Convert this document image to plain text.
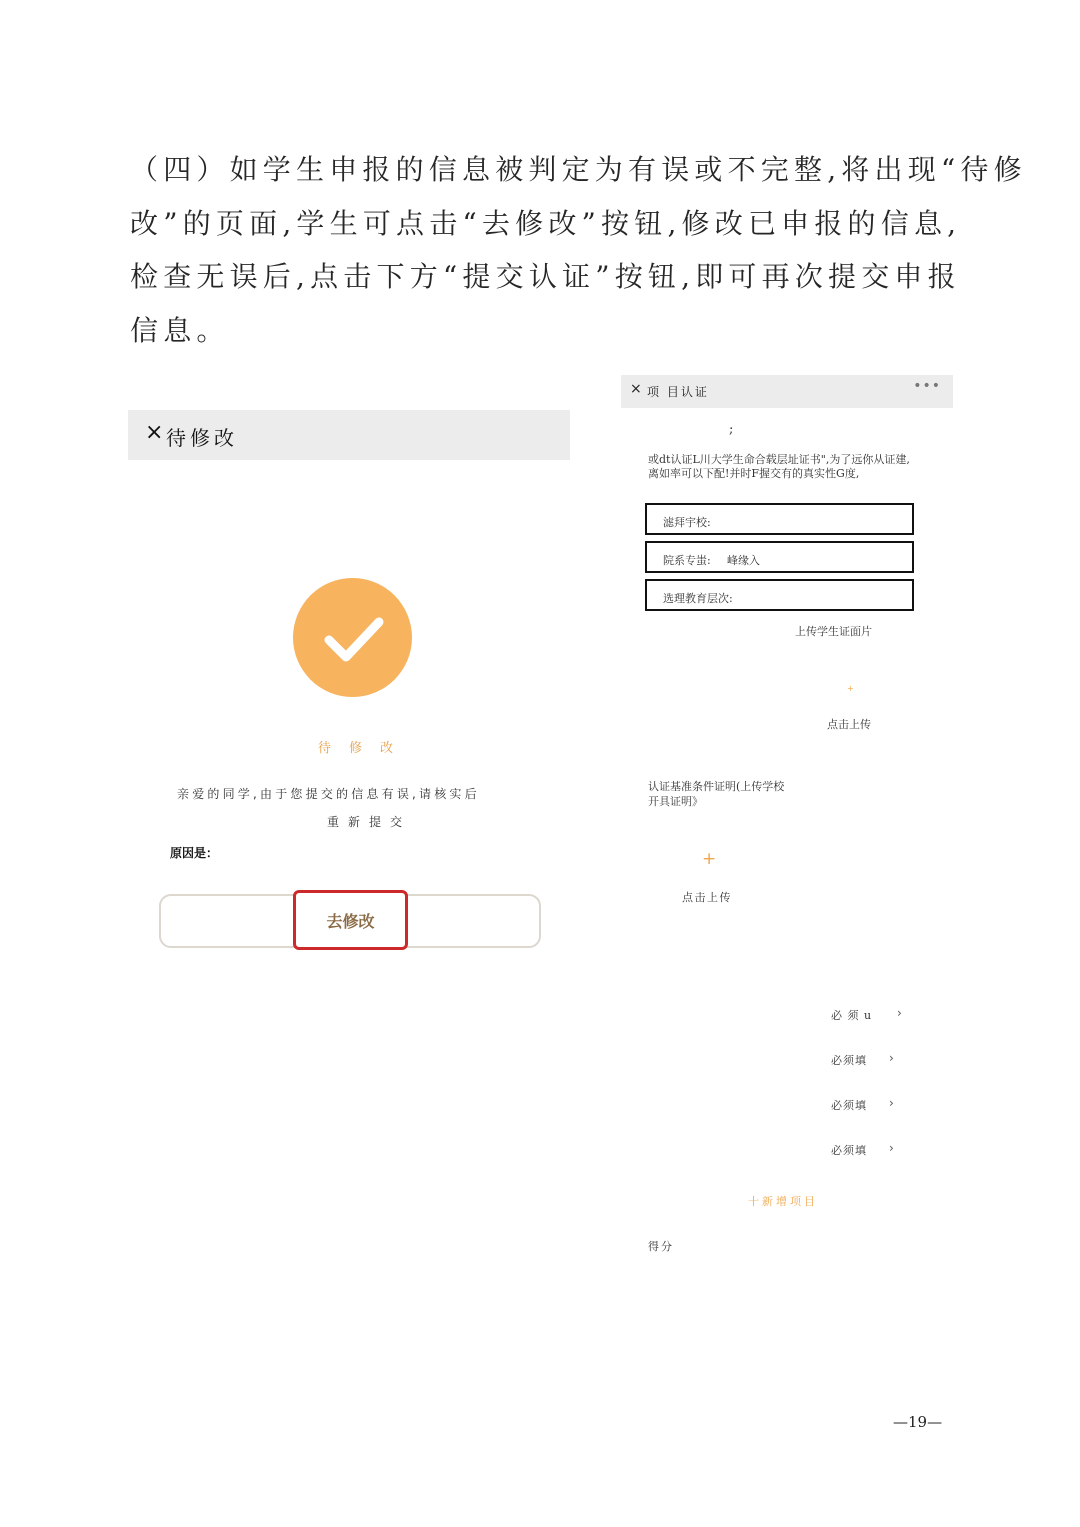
（四）如学生申报的信息被判定为有误或不完整,将出现“待修
改”的页面,学生可点击“去修改”按钮,修改已申报的信息,
检查无误后,点击下方“提交认证”按钮,即可再次提交申报
信息。
× 待修改
待修改
亲爱的同学,由于您提交的信息有误,请核实后
重新提交
原因是：
去修改
× 项 目认证	•••
;
或dt认证L川大学生命合载层址证书",为了远你从证建,离如率可以下配!并时F握交有的真实性G度,
滤拜宇校:
院系专蚩: 峰缘入
选理教育层次:
上传学生证面片
+
点击上传
认证基准条件证明(上传学校开具证明》
+
点击上传
必 须 u ›
必须填 ›
必须填 ›
必须填 ›
十新增项目
得分
—19—
